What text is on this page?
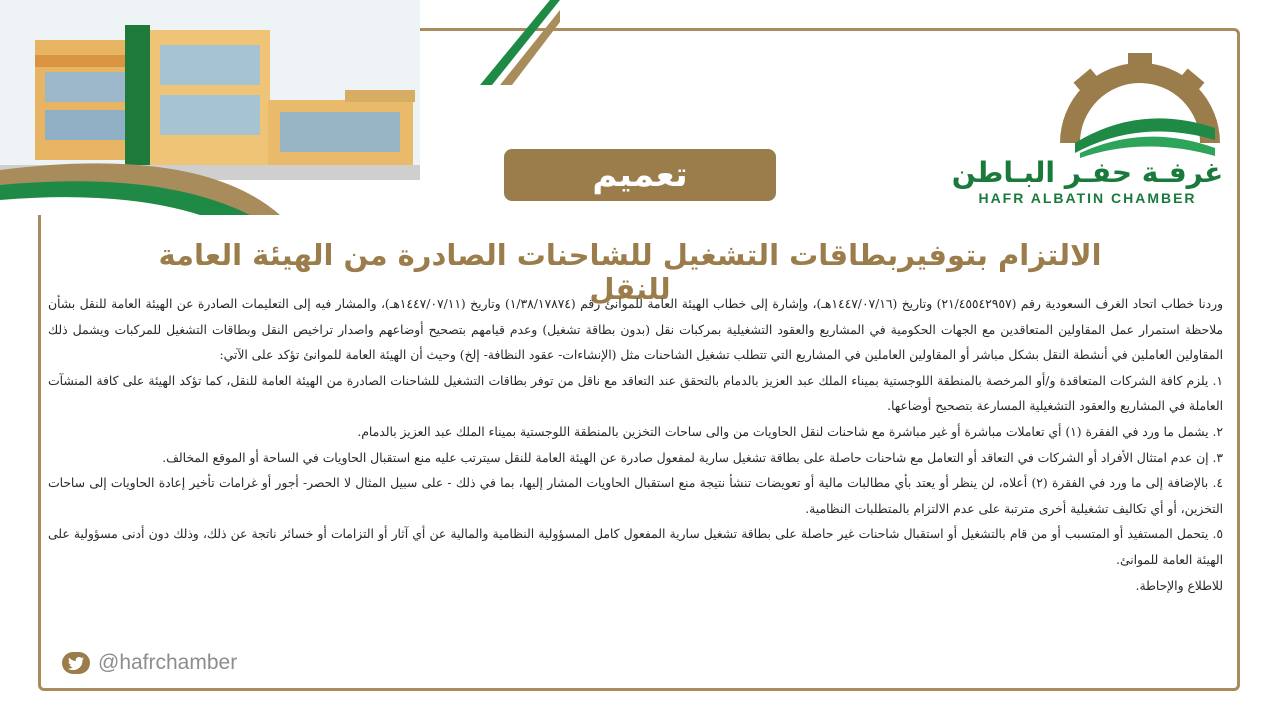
غرفـة حفـر البـاطن
HAFR ALBATIN CHAMBER
تعميم
الالتزام بتوفيربطاقات التشغيل للشاحنات الصادرة من الهيئة العامة للنقل

وردنا خطاب اتحاد الغرف السعودية رقم (٢١/٤٥٥٤٢٩٥٧) وتاريخ (١٤٤٧/٠٧/١٦هـ)، وإشارة إلى خطاب الهيئة العامة للموانئ رقم (١/٣٨/١٧٨٧٤) وتاريخ (١٤٤٧/٠٧/١١هـ)، والمشار فيه إلى التعليمات الصادرة عن الهيئة العامة للنقل بشأن ملاحظة استمرار عمل المقاولين المتعاقدين مع الجهات الحكومية في المشاريع والعقود التشغيلية بمركبات نقل (بدون بطاقة تشغيل) وعدم قيامهم بتصحيح أوضاعهم واصدار تراخيص النقل وبطاقات التشغيل للمركبات ويشمل ذلك المقاولين العاملين في أنشطة النقل بشكل مباشر أو المقاولين العاملين في المشاريع التي تتطلب تشغيل الشاحنات مثل (الإنشاءات- عقود النظافة- إلخ) وحيث أن الهيئة العامة للموانئ تؤكد على الآتي:

١. يلزم كافة الشركات المتعاقدة و/أو المرخصة بالمنطقة اللوجستية بميناء الملك عبد العزيز بالدمام بالتحقق عند التعاقد مع ناقل من توفر بطاقات التشغيل للشاحنات الصادرة من الهيئة العامة للنقل، كما تؤكد الهيئة على كافة المنشآت العاملة في المشاريع والعقود التشغيلية المسارعة بتصحيح أوضاعها.

٢. يشمل ما ورد في الفقرة (١) أي تعاملات مباشرة أو غير مباشرة مع شاحنات لنقل الحاويات من والى ساحات التخزين بالمنطقة اللوجستية بميناء الملك عبد العزيز بالدمام.

٣. إن عدم امتثال الأفراد أو الشركات في التعاقد أو التعامل مع شاحنات حاصلة على بطاقة تشغيل سارية لمفعول صادرة عن الهيئة العامة للنقل سيترتب عليه منع استقبال الحاويات في الساحة أو الموقع المخالف.

٤. بالإضافة إلى ما ورد في الفقرة (٢) أعلاه، لن ينظر أو يعتد بأي مطالبات مالية أو تعويضات تنشأ نتيجة منع استقبال الحاويات المشار إليها، بما في ذلك - على سبيل المثال لا الحصر- أجور أو غرامات تأخير إعادة الحاويات إلى ساحات التخزين، أو أي تكاليف تشغيلية أخرى مترتبة على عدم الالتزام بالمتطلبات النظامية.

٥. يتحمل المستفيد أو المتسبب أو من قام بالتشغيل أو استقبال شاحنات غير حاصلة على بطاقة تشغيل سارية المفعول كامل المسؤولية النظامية والمالية عن أي آثار أو التزامات أو خسائر ناتجة عن ذلك، وذلك دون أدنى مسؤولية على الهيئة العامة للموانئ.

للاطلاع والإحاطة.

@hafrchamber
